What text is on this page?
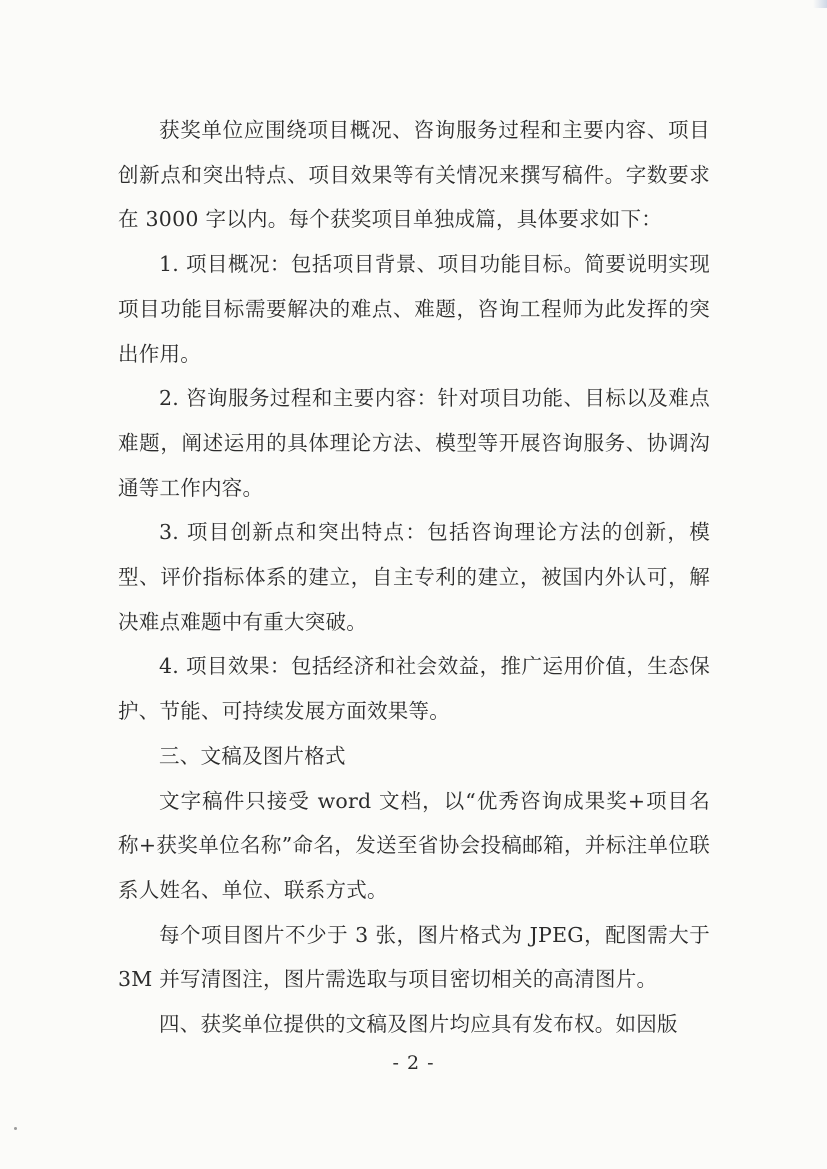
获奖单位应围绕项目概况、咨询服务过程和主要内容、项目创新点和突出特点、项目效果等有关情况来撰写稿件。字数要求在 3000 字以内。每个获奖项目单独成篇，具体要求如下：

1. 项目概况：包括项目背景、项目功能目标。简要说明实现项目功能目标需要解决的难点、难题，咨询工程师为此发挥的突出作用。

2. 咨询服务过程和主要内容：针对项目功能、目标以及难点难题，阐述运用的具体理论方法、模型等开展咨询服务、协调沟通等工作内容。

3. 项目创新点和突出特点：包括咨询理论方法的创新，模型、评价指标体系的建立，自主专利的建立，被国内外认可，解决难点难题中有重大突破。

4. 项目效果：包括经济和社会效益，推广运用价值，生态保护、节能、可持续发展方面效果等。

三、文稿及图片格式

文字稿件只接受 word 文档，以“优秀咨询成果奖+项目名称+获奖单位名称”命名，发送至省协会投稿邮箱，并标注单位联系人姓名、单位、联系方式。

每个项目图片不少于 3 张，图片格式为 JPEG，配图需大于 3M 并写清图注，图片需选取与项目密切相关的高清图片。

四、获奖单位提供的文稿及图片均应具有发布权。如因版

- 2 -
